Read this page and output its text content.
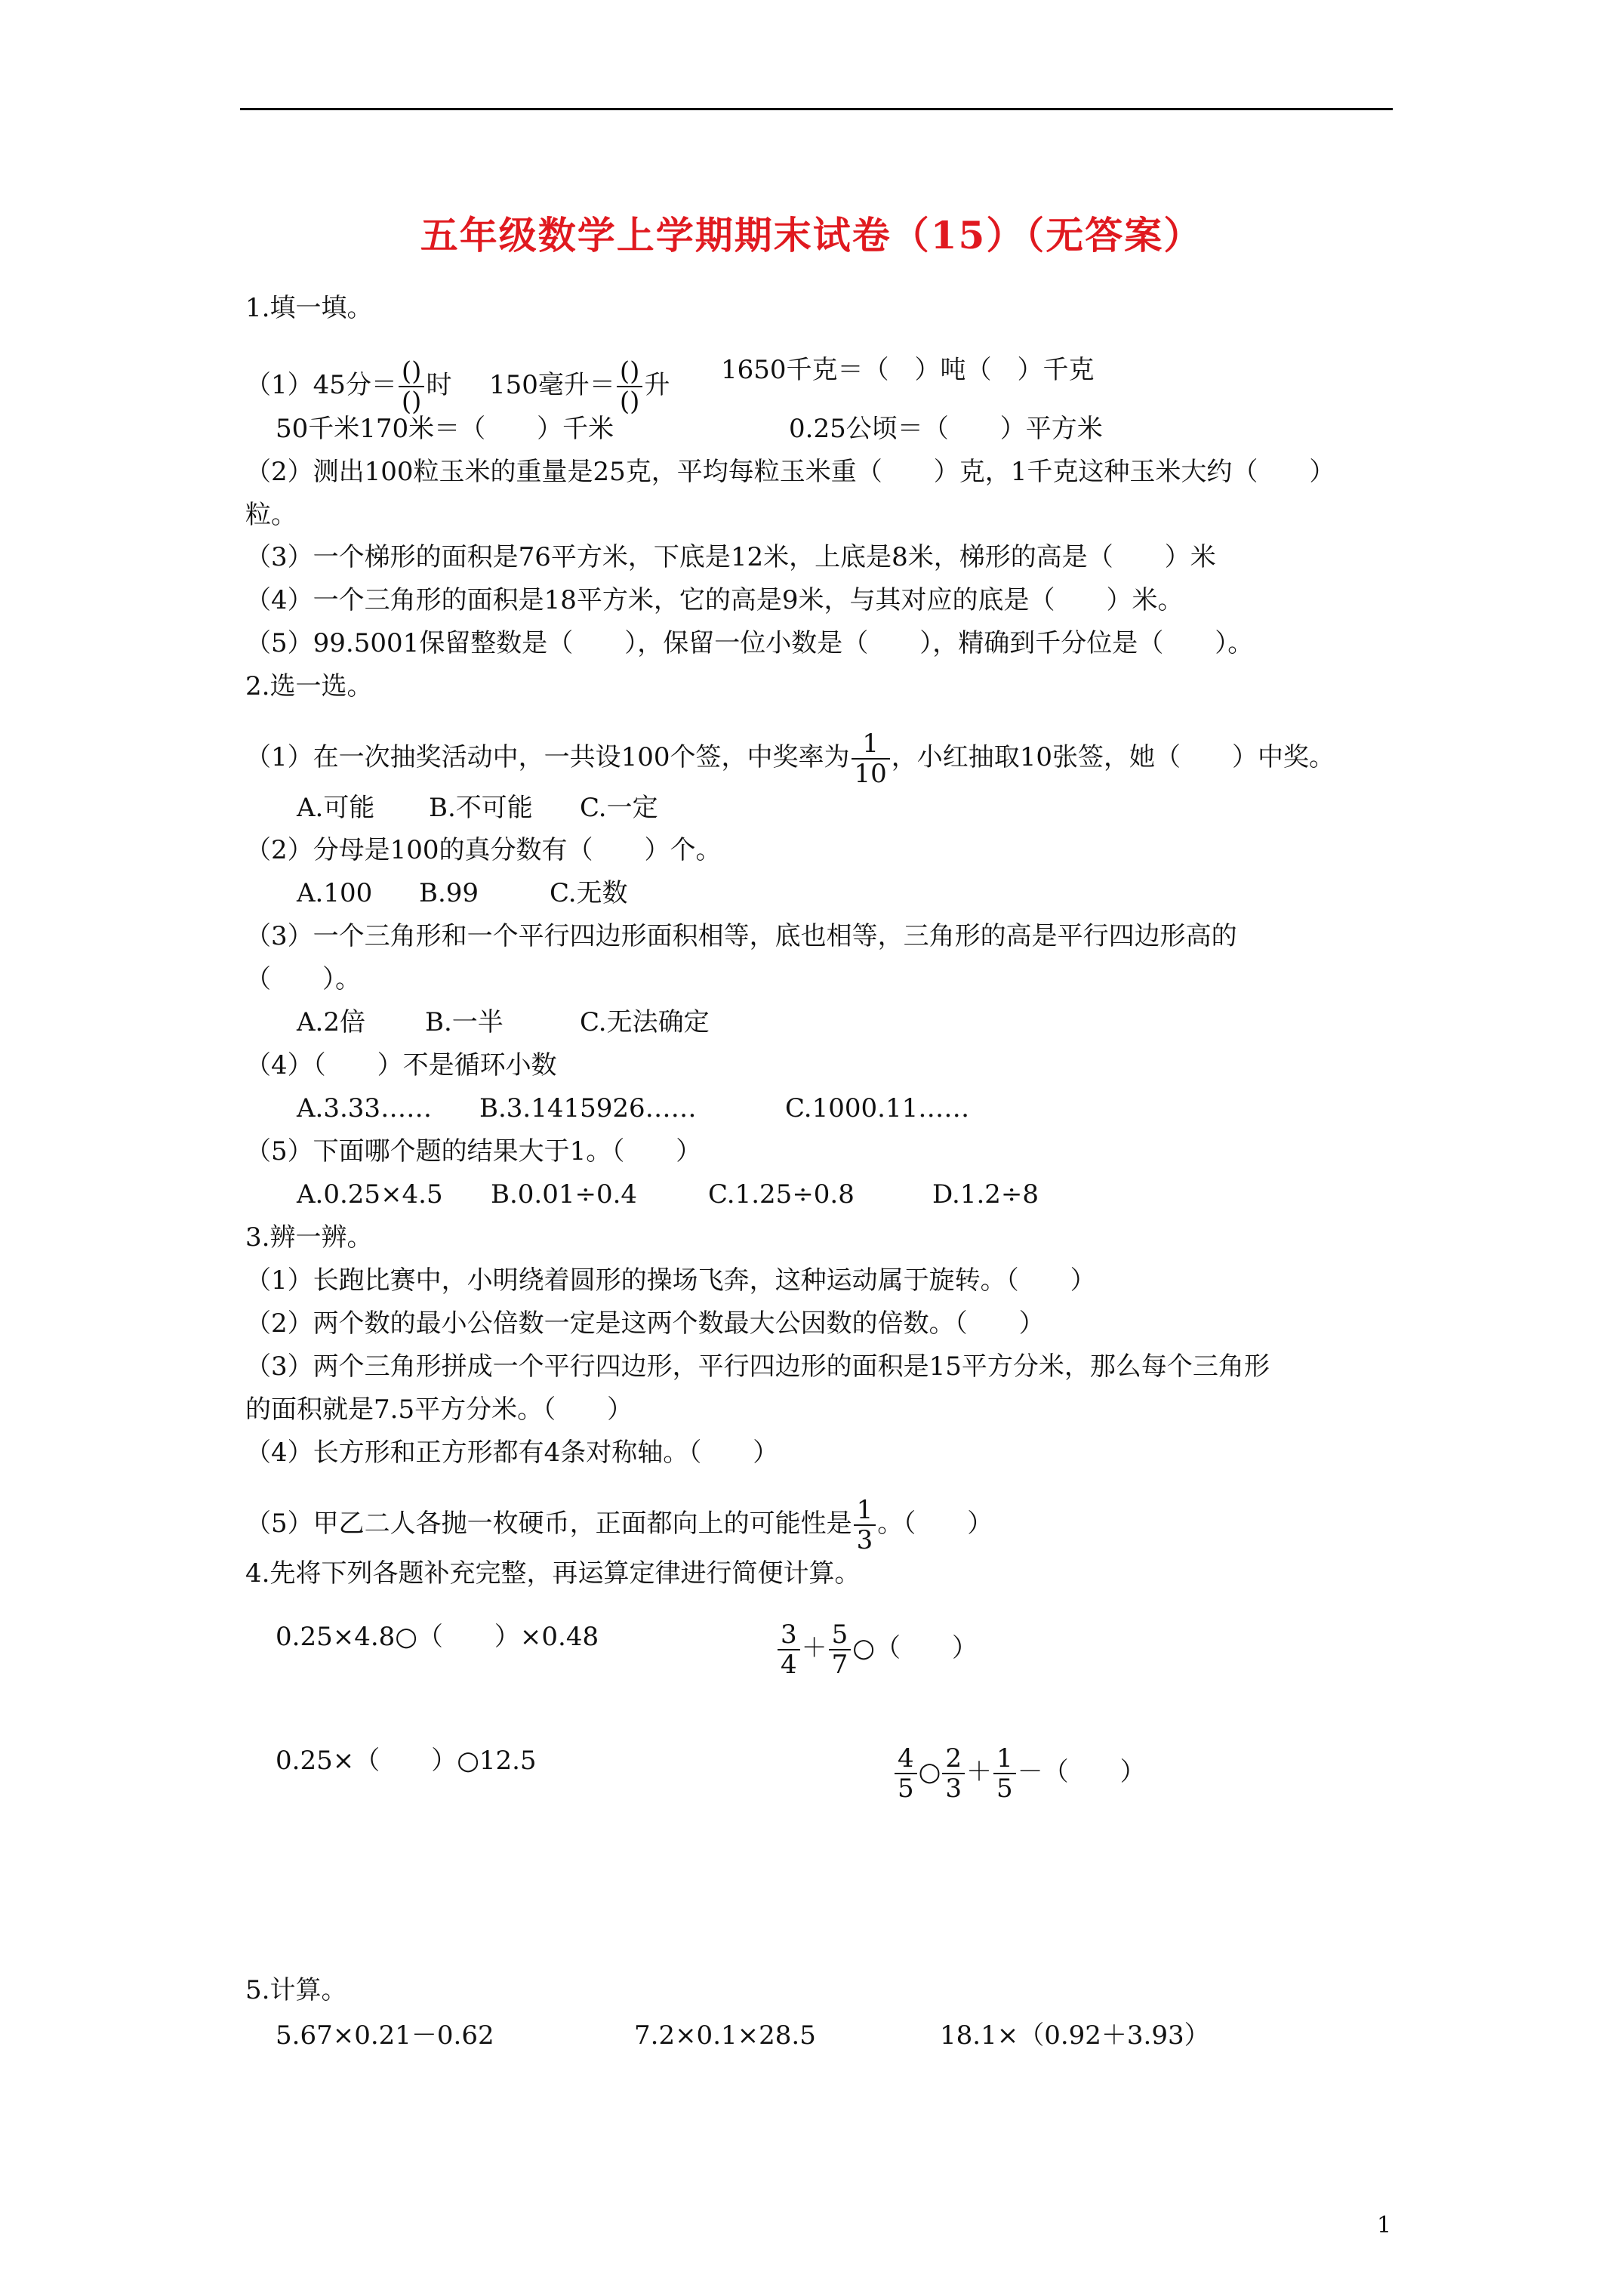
五年级数学上学期期末试卷（15）（无答案）
1.填一填。
（1）45分＝ $\frac{()}{()}$ 时 150毫升＝ $\frac{()}{()}$ 升 1650千克＝（　）吨（　）千克
50千米170米＝（　　）千米	0.25公顷＝（　　）平方米
（2）测出100粒玉米的重量是25克，平均每粒玉米重（　　）克，1千克这种玉米大约（　　）
粒。
（3）一个梯形的面积是76平方米，下底是12米，上底是8米，梯形的高是（　　）米
（4）一个三角形的面积是18平方米，它的高是9米，与其对应的底是（　　）米。
（5）99.5001保留整数是（　　），保留一位小数是（　　），精确到千分位是（　　）。
2.选一选。
（1）在一次抽奖活动中，一共设100个签，中奖率为 $\frac{1}{10}$ ，小红抽取10张签，她（　　）中奖。
A.可能 B.不可能 C.一定
（2）分母是100的真分数有（　　）个。
A.100 B.99	C.无数
（3）一个三角形和一个平行四边形面积相等，底也相等，三角形的高是平行四边形高的
（　　）。
A.2倍 B.一半	C.无法确定
（4）（　　）不是循环小数
A.3.33…… B.3.1415926……	C.1000.11……
（5）下面哪个题的结果大于1。（　　）
A.0.25×4.5 B.0.01÷0.4	C.1.25÷0.8	D.1.2÷8
3.辨一辨。
（1）长跑比赛中，小明绕着圆形的操场飞奔，这种运动属于旋转。（　　）
（2）两个数的最小公倍数一定是这两个数最大公因数的倍数。（　　）
（3）两个三角形拼成一个平行四边形，平行四边形的面积是15平方分米，那么每个三角形
的面积就是7.5平方分米。（　　）
（4）长方形和正方形都有4条对称轴。（　　）
（5）甲乙二人各抛一枚硬币，正面都向上的可能性是 $\frac{1}{3}$ 。（　　）
4.先将下列各题补充完整，再运算定律进行简便计算。
0.25×4.8○（　　）×0.48	$\frac{3}{4} + \frac{5}{7}$ ○（　　）
0.25×（　　）○12.5	$\frac{4}{5}$ ○ $\frac{2}{3} + \frac{1}{5}$ －（　　）
5.计算。
5.67×0.21－0.62	7.2×0.1×28.5	18.1×（0.92＋3.93）
1
